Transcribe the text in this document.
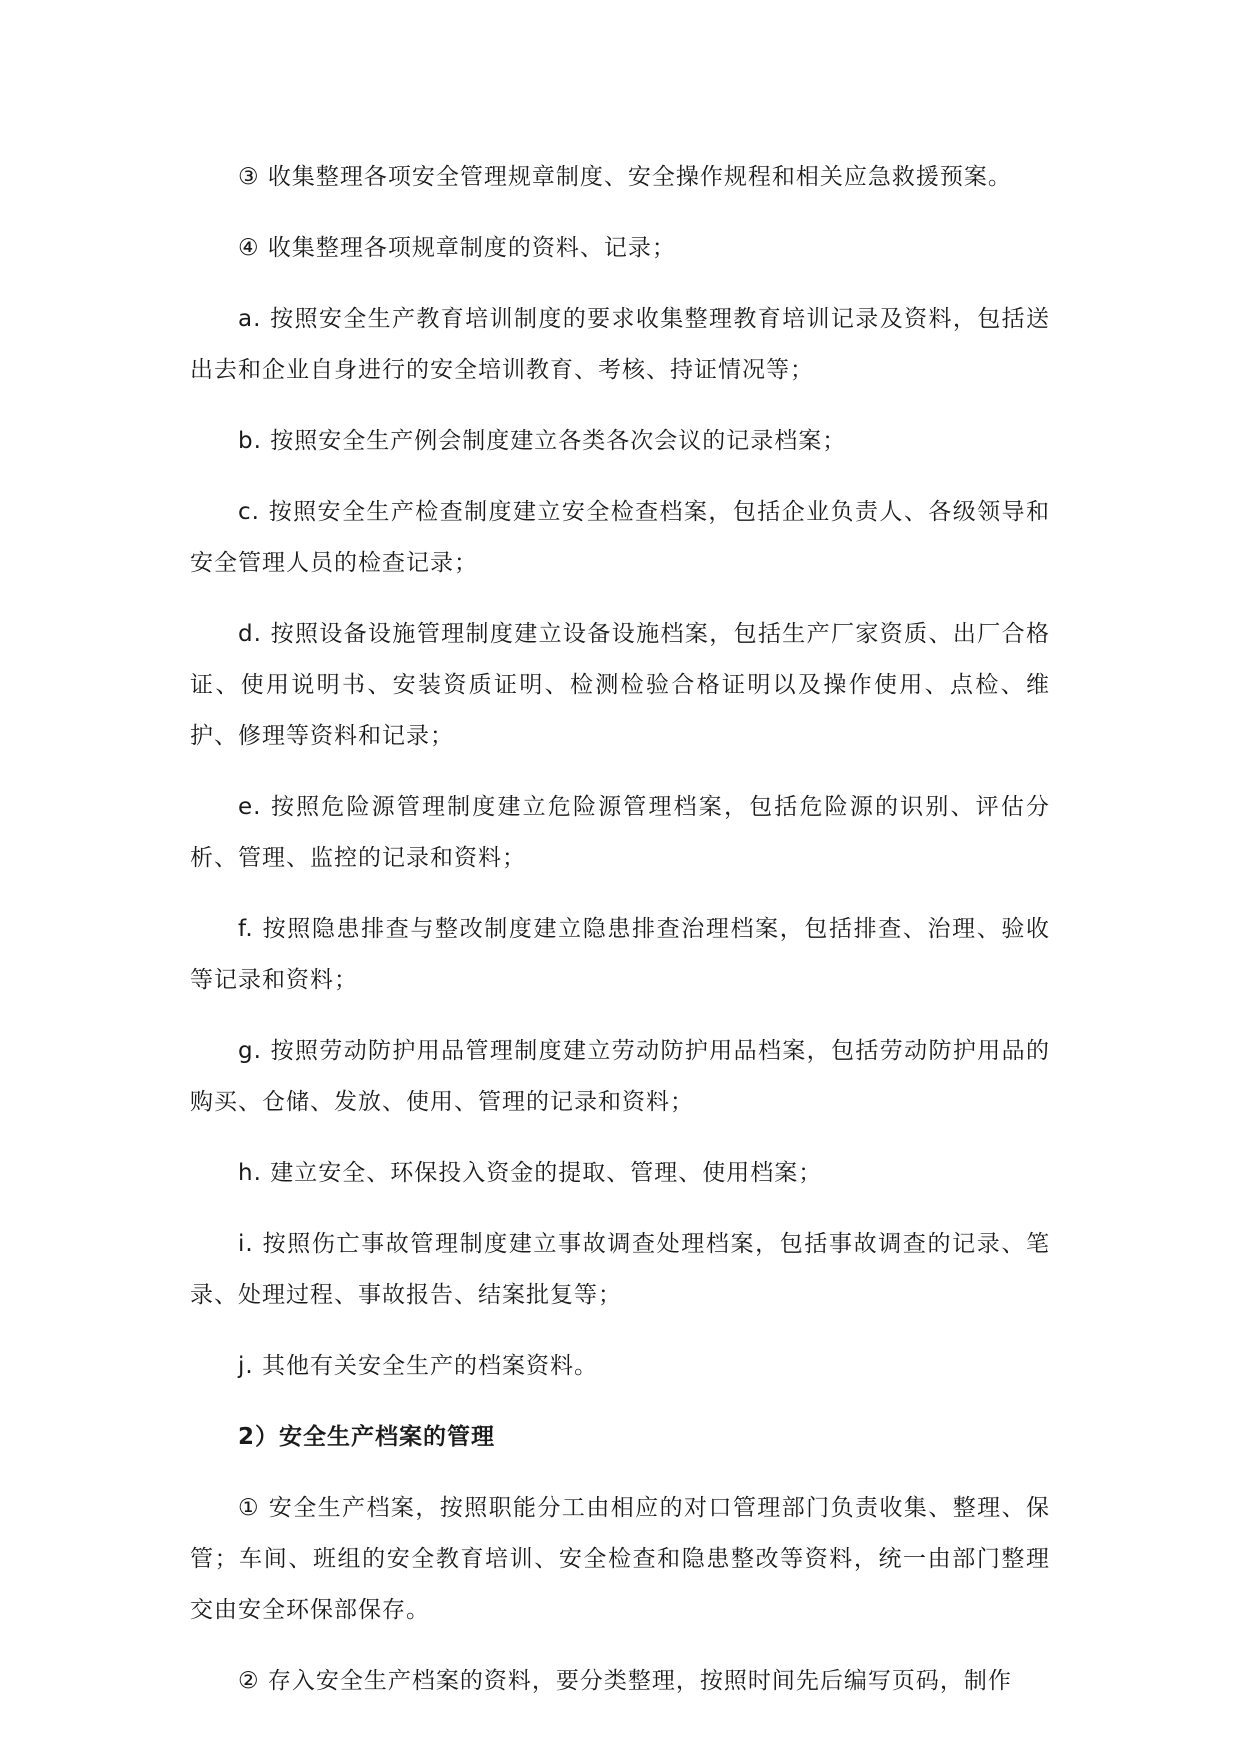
③ 收集整理各项安全管理规章制度、安全操作规程和相关应急救援预案。

④ 收集整理各项规章制度的资料、记录；

a. 按照安全生产教育培训制度的要求收集整理教育培训记录及资料，包括送出去和企业自身进行的安全培训教育、考核、持证情况等；

b. 按照安全生产例会制度建立各类各次会议的记录档案；

c. 按照安全生产检查制度建立安全检查档案，包括企业负责人、各级领导和安全管理人员的检查记录；

d. 按照设备设施管理制度建立设备设施档案，包括生产厂家资质、出厂合格证、使用说明书、安装资质证明、检测检验合格证明以及操作使用、点检、维护、修理等资料和记录；

e. 按照危险源管理制度建立危险源管理档案，包括危险源的识别、评估分析、管理、监控的记录和资料；

f. 按照隐患排查与整改制度建立隐患排查治理档案，包括排查、治理、验收等记录和资料；

g. 按照劳动防护用品管理制度建立劳动防护用品档案，包括劳动防护用品的购买、仓储、发放、使用、管理的记录和资料；

h. 建立安全、环保投入资金的提取、管理、使用档案；

i. 按照伤亡事故管理制度建立事故调查处理档案，包括事故调查的记录、笔录、处理过程、事故报告、结案批复等；

j. 其他有关安全生产的档案资料。

2）安全生产档案的管理

① 安全生产档案，按照职能分工由相应的对口管理部门负责收集、整理、保管；车间、班组的安全教育培训、安全检查和隐患整改等资料，统一由部门整理交由安全环保部保存。

② 存入安全生产档案的资料，要分类整理，按照时间先后编写页码，制作
